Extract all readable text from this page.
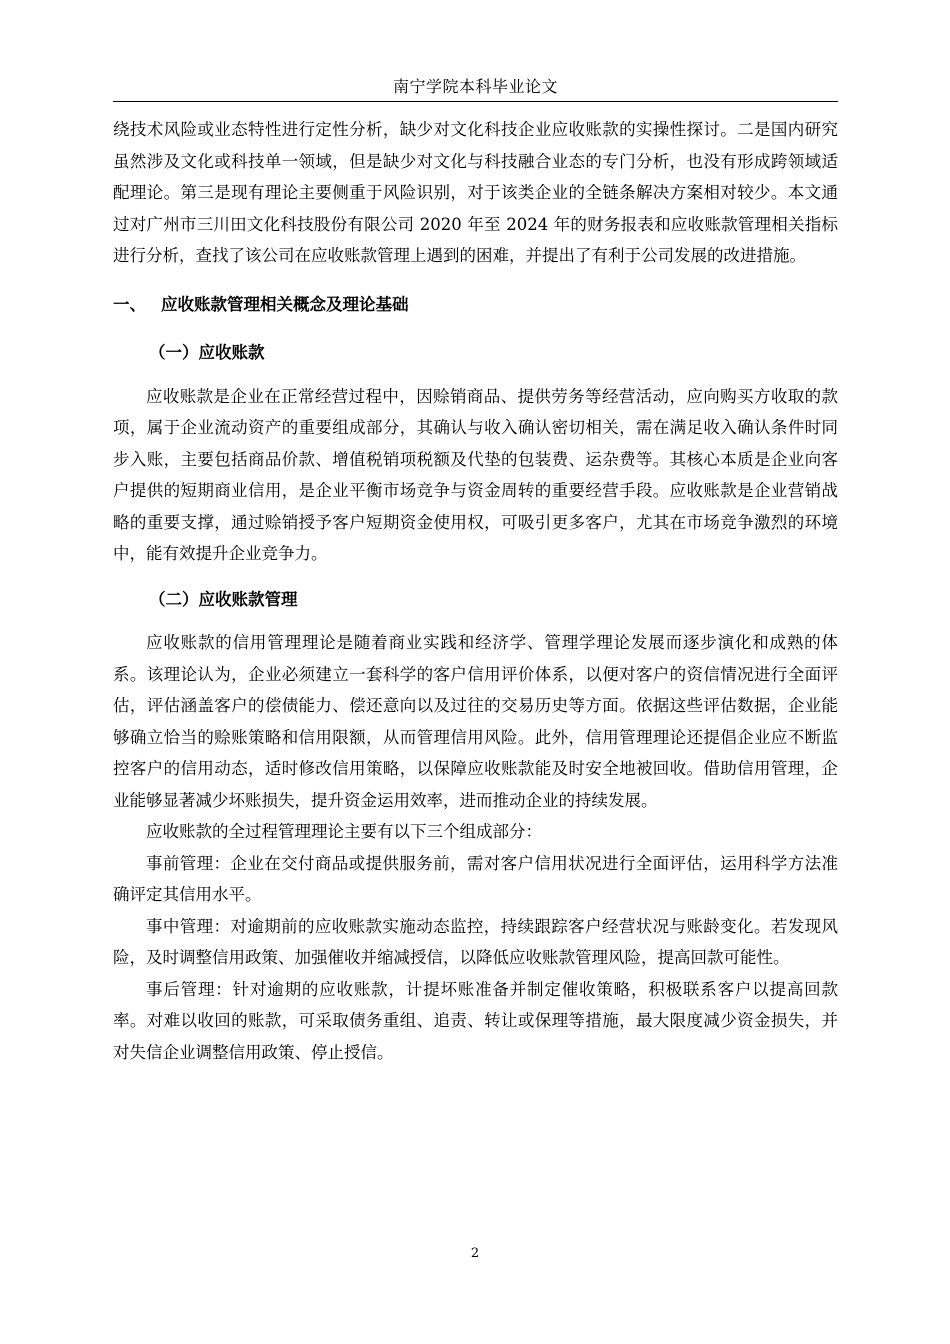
南宁学院本科毕业论文

绕技术风险或业态特性进行定性分析，缺少对文化科技企业应收账款的实操性探讨。二是国内研究虽然涉及文化或科技单一领域，但是缺少对文化与科技融合业态的专门分析，也没有形成跨领域适配理论。第三是现有理论主要侧重于风险识别，对于该类企业的全链条解决方案相对较少。本文通过对广州市三川田文化科技股份有限公司 2020 年至 2024 年的财务报表和应收账款管理相关指标进行分析，查找了该公司在应收账款管理上遇到的困难，并提出了有利于公司发展的改进措施。

一、 应收账款管理相关概念及理论基础
（一）应收账款

应收账款是企业在正常经营过程中，因赊销商品、提供劳务等经营活动，应向购买方收取的款项，属于企业流动资产的重要组成部分，其确认与收入确认密切相关，需在满足收入确认条件时同步入账，主要包括商品价款、增值税销项税额及代垫的包装费、运杂费等。其核心本质是企业向客户提供的短期商业信用，是企业平衡市场竞争与资金周转的重要经营手段。应收账款是企业营销战略的重要支撑，通过赊销授予客户短期资金使用权，可吸引更多客户，尤其在市场竞争激烈的环境中，能有效提升企业竞争力。

（二）应收账款管理

应收账款的信用管理理论是随着商业实践和经济学、管理学理论发展而逐步演化和成熟的体系。该理论认为，企业必须建立一套科学的客户信用评价体系，以便对客户的资信情况进行全面评估，评估涵盖客户的偿债能力、偿还意向以及过往的交易历史等方面。依据这些评估数据，企业能够确立恰当的赊账策略和信用限额，从而管理信用风险。此外，信用管理理论还提倡企业应不断监控客户的信用动态，适时修改信用策略，以保障应收账款能及时安全地被回收。借助信用管理，企业能够显著减少坏账损失，提升资金运用效率，进而推动企业的持续发展。

应收账款的全过程管理理论主要有以下三个组成部分：

事前管理：企业在交付商品或提供服务前，需对客户信用状况进行全面评估，运用科学方法准确评定其信用水平。

事中管理：对逾期前的应收账款实施动态监控，持续跟踪客户经营状况与账龄变化。若发现风险，及时调整信用政策、加强催收并缩减授信，以降低应收账款管理风险，提高回款可能性。

事后管理：针对逾期的应收账款，计提坏账准备并制定催收策略，积极联系客户以提高回款率。对难以收回的账款，可采取债务重组、追责、转让或保理等措施，最大限度减少资金损失，并对失信企业调整信用政策、停止授信。

2
